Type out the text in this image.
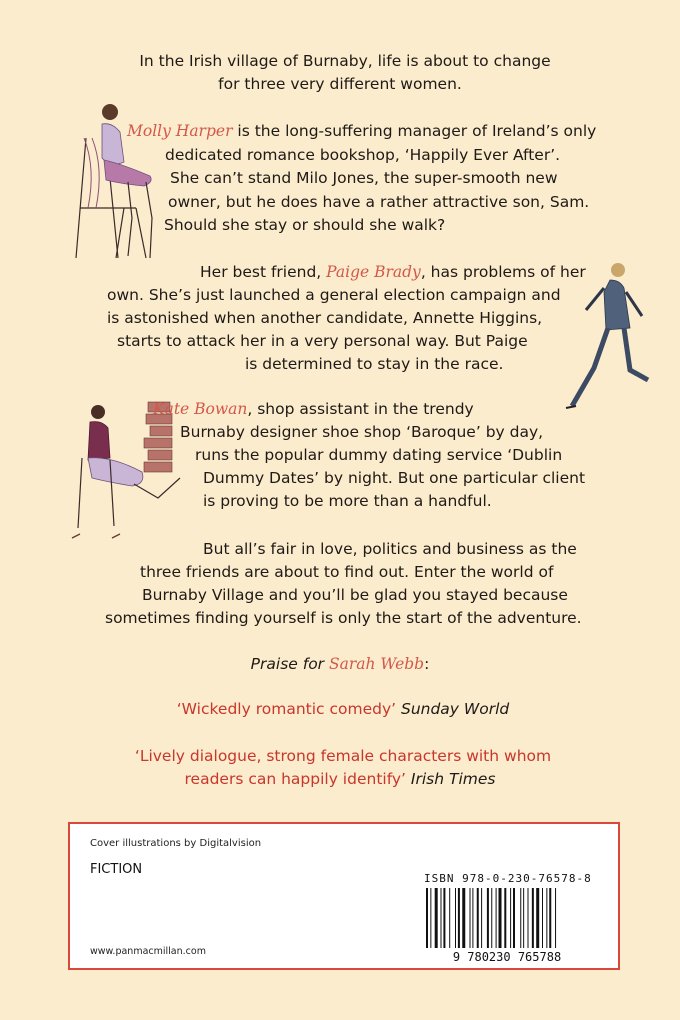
In the Irish village of Burnaby, life is about to change
for three very different women.
Molly Harper is the long-suffering manager of Ireland’s only
dedicated romance bookshop, ‘Happily Ever After’.
She can’t stand Milo Jones, the super-smooth new
owner, but he does have a rather attractive son, Sam.
Should she stay or should she walk?
Her best friend, Paige Brady, has problems of her
own. She’s just launched a general election campaign and
is astonished when another candidate, Annette Higgins,
starts to attack her in a very personal way. But Paige
is determined to stay in the race.
Kate Bowan, shop assistant in the trendy
Burnaby designer shoe shop ‘Baroque’ by day,
runs the popular dummy dating service ‘Dublin
Dummy Dates’ by night. But one particular client
is proving to be more than a handful.
But all’s fair in love, politics and business as the
three friends are about to find out. Enter the world of
Burnaby Village and you’ll be glad you stayed because
sometimes finding yourself is only the start of the adventure.
Praise for Sarah Webb:
‘Wickedly romantic comedy’ Sunday World
‘Lively dialogue, strong female characters with whom
readers can happily identify’ Irish Times
Cover illustrations by Digitalvision
FICTION
www.panmacmillan.com
ISBN 978-0-230-76578-8
9 780230 765788
